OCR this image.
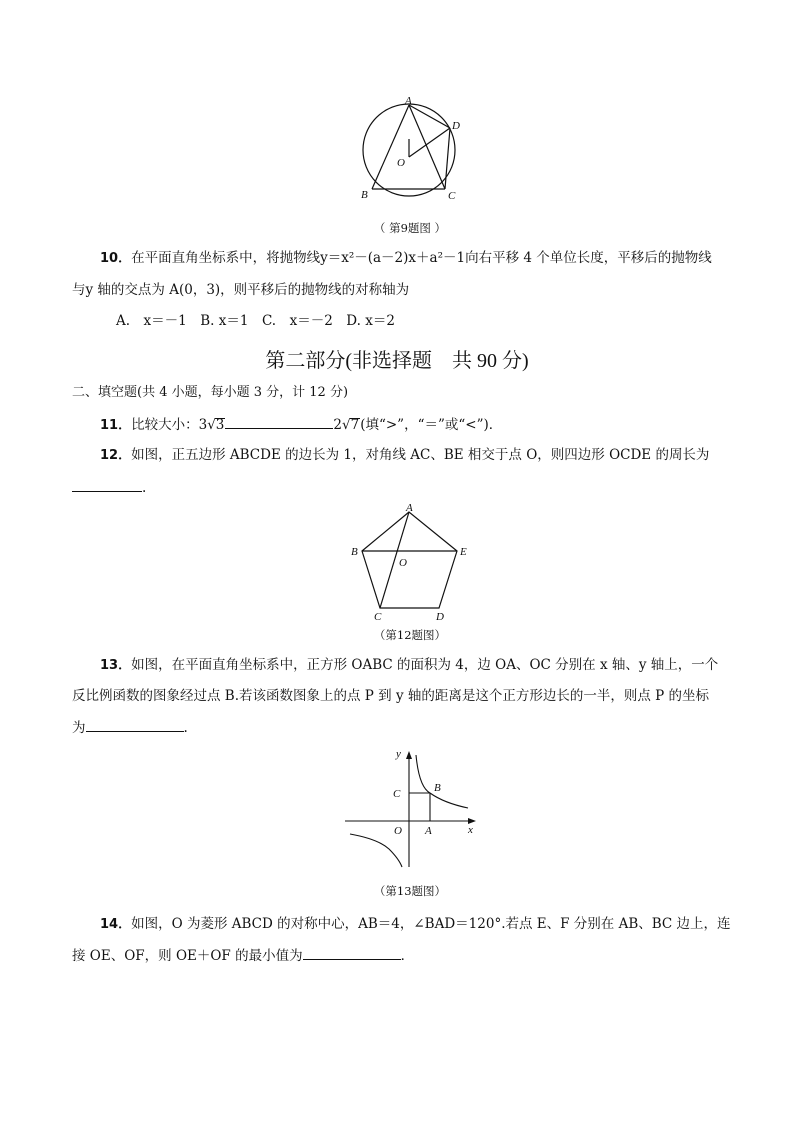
A
D
O
B	C
（ 第9题图 ）
10．在平面直角坐标系中，将抛物线y＝x²－(a－2)x＋a²－1向右平移 4 个单位长度，平移后的抛物线
与y 轴的交点为 A(0，3)，则平移后的抛物线的对称轴为
A.　x＝－1　B. x＝1　C.　x＝－2　D. x＝2
第二部分(非选择题　共 90 分)
二、填空题(共 4 小题，每小题 3 分，计 12 分)
11．比较大小：3√3	2√7(填“>”，“＝”或“<”)．
12．如图，正五边形 ABCDE 的边长为 1，对角线 AC、BE 相交于点 O，则四边形 OCDE 的周长为
.
A
B	E
O
C	D
（第12题图）
13．如图，在平面直角坐标系中，正方形 OABC 的面积为 4，边 OA、OC 分别在 x 轴、y 轴上，一个
反比例函数的图象经过点 B.若该函数图象上的点 P 到 y 轴的距离是这个正方形边长的一半，则点 P 的坐标
为	.
y
x
B
C
O A
（第13题图）
14．如图，O 为菱形 ABCD 的对称中心，AB＝4，∠BAD＝120°.若点 E、F 分别在 AB、BC 边上，连
接 OE、OF，则 OE＋OF 的最小值为	．
